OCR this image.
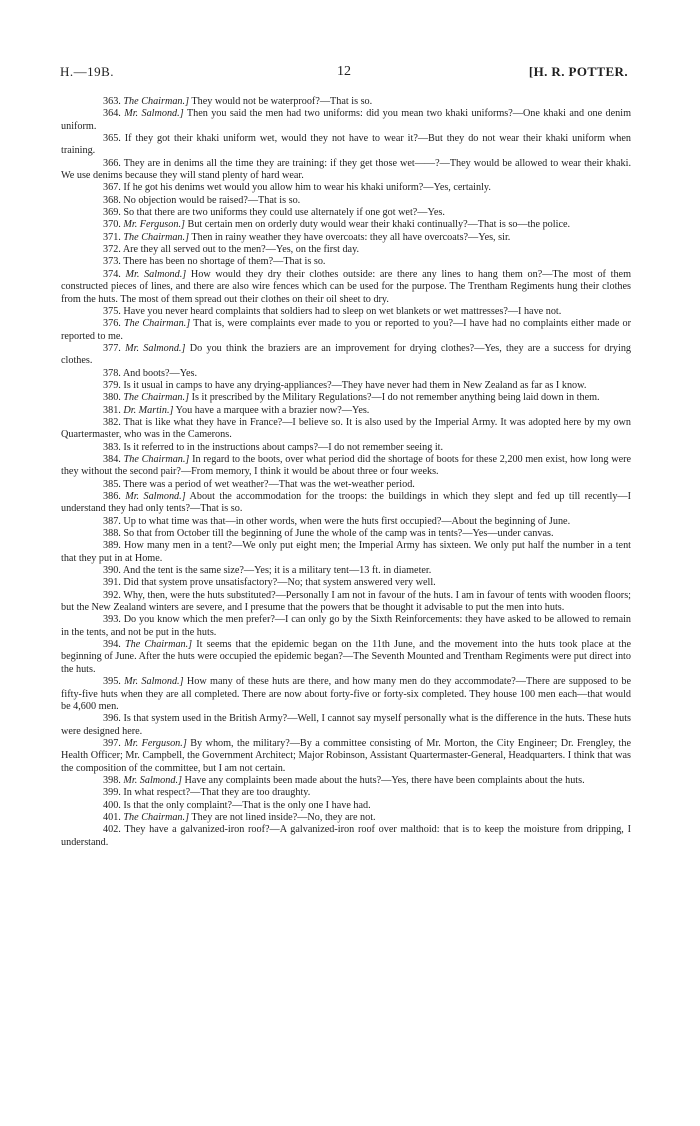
H.—19B.	12	[H. R. POTTER.

363. The Chairman.] They would not be waterproof?—That is so.

364. Mr. Salmond.] Then you said the men had two uniforms: did you mean two khaki uniforms?—One khaki and one denim uniform.

365. If they got their khaki uniform wet, would they not have to wear it?—But they do not wear their khaki uniform when training.

366. They are in denims all the time they are training: if they get those wet——?—They would be allowed to wear their khaki. We use denims because they will stand plenty of hard wear.

367. If he got his denims wet would you allow him to wear his khaki uniform?—Yes, certainly.

368. No objection would be raised?—That is so.

369. So that there are two uniforms they could use alternately if one got wet?—Yes.

370. Mr. Ferguson.] But certain men on orderly duty would wear their khaki continually?—That is so—the police.

371. The Chairman.] Then in rainy weather they have overcoats: they all have overcoats?—Yes, sir.

372. Are they all served out to the men?—Yes, on the first day.

373. There has been no shortage of them?—That is so.

374. Mr. Salmond.] How would they dry their clothes outside: are there any lines to hang them on?—The most of them constructed pieces of lines, and there are also wire fences which can be used for the purpose. The Trentham Regiments hung their clothes from the huts. The most of them spread out their clothes on their oil sheet to dry.

375. Have you never heard complaints that soldiers had to sleep on wet blankets or wet mattresses?—I have not.

376. The Chairman.] That is, were complaints ever made to you or reported to you?—I have had no complaints either made or reported to me.

377. Mr. Salmond.] Do you think the braziers are an improvement for drying clothes?—Yes, they are a success for drying clothes.

378. And boots?—Yes.

379. Is it usual in camps to have any drying-appliances?—They have never had them in New Zealand as far as I know.

380. The Chairman.] Is it prescribed by the Military Regulations?—I do not remember anything being laid down in them.

381. Dr. Martin.] You have a marquee with a brazier now?—Yes.

382. That is like what they have in France?—I believe so. It is also used by the Imperial Army. It was adopted here by my own Quartermaster, who was in the Camerons.

383. Is it referred to in the instructions about camps?—I do not remember seeing it.

384. The Chairman.] In regard to the boots, over what period did the shortage of boots for these 2,200 men exist, how long were they without the second pair?—From memory, I think it would be about three or four weeks.

385. There was a period of wet weather?—That was the wet-weather period.

386. Mr. Salmond.] About the accommodation for the troops: the buildings in which they slept and fed up till recently—I understand they had only tents?—That is so.

387. Up to what time was that—in other words, when were the huts first occupied?—About the beginning of June.

388. So that from October till the beginning of June the whole of the camp was in tents?—Yes—under canvas.

389. How many men in a tent?—We only put eight men; the Imperial Army has sixteen. We only put half the number in a tent that they put in at Home.

390. And the tent is the same size?—Yes; it is a military tent—13 ft. in diameter.

391. Did that system prove unsatisfactory?—No; that system answered very well.

392. Why, then, were the huts substituted?—Personally I am not in favour of the huts. I am in favour of tents with wooden floors; but the New Zealand winters are severe, and I presume that the powers that be thought it advisable to put the men into huts.

393. Do you know which the men prefer?—I can only go by the Sixth Reinforcements: they have asked to be allowed to remain in the tents, and not be put in the huts.

394. The Chairman.] It seems that the epidemic began on the 11th June, and the movement into the huts took place at the beginning of June. After the huts were occupied the epidemic began?—The Seventh Mounted and Trentham Regiments were put direct into the huts.

395. Mr. Salmond.] How many of these huts are there, and how many men do they accommodate?—There are supposed to be fifty-five huts when they are all completed. There are now about forty-five or forty-six completed. They house 100 men each—that would be 4,600 men.

396. Is that system used in the British Army?—Well, I cannot say myself personally what is the difference in the huts. These huts were designed here.

397. Mr. Ferguson.] By whom, the military?—By a committee consisting of Mr. Morton, the City Engineer; Dr. Frengley, the Health Officer; Mr. Campbell, the Government Architect; Major Robinson, Assistant Quartermaster-General, Headquarters. I think that was the composition of the committee, but I am not certain.

398. Mr. Salmond.] Have any complaints been made about the huts?—Yes, there have been complaints about the huts.

399. In what respect?—That they are too draughty.

400. Is that the only complaint?—That is the only one I have had.

401. The Chairman.] They are not lined inside?—No, they are not.

402. They have a galvanized-iron roof?—A galvanized-iron roof over malthoid: that is to keep the moisture from dripping, I understand.
